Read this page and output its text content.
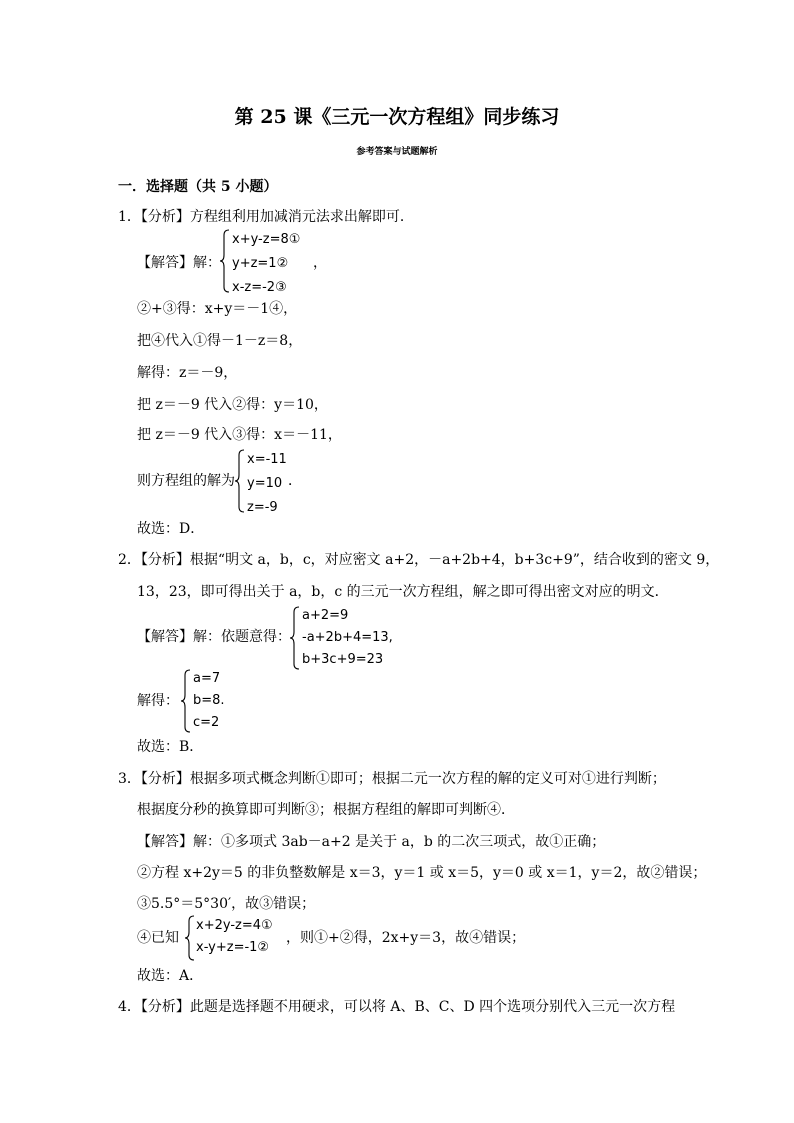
第 25 课《三元一次方程组》同步练习
参考答案与试题解析
一．选择题（共 5 小题）
1．【分析】方程组利用加减消元法求出解即可．
【解答】解：
x+y-z=8①
y+z=1②
x-z=-2③
，
②+③得：x+y＝－1④，
把④代入①得－1－z＝8，
解得：z＝－9，
把 z＝－9 代入②得：y＝10，
把 z＝－9 代入③得：x＝－11，
则方程组的解为
x=-11
y=10
z=-9
．
故选：D．
2．【分析】根据“明文 a，b，c，对应密文 a+2，－a+2b+4，b+3c+9”，结合收到的密文 9，
13，23，即可得出关于 a，b，c 的三元一次方程组，解之即可得出密文对应的明文．
【解答】解：依题意得：
a+2=9
-a+2b+4=13,
b+3c+9=23
解得：
a=7
b=8.
c=2
故选：B．
3．【分析】根据多项式概念判断①即可；根据二元一次方程的解的定义可对①进行判断；
根据度分秒的换算即可判断③；根据方程组的解即可判断④．
【解答】解：①多项式 3ab－a+2 是关于 a，b 的二次三项式，故①正确；
②方程 x+2y＝5 的非负整数解是 x＝3，y＝1 或 x＝5，y＝0 或 x＝1，y＝2，故②错误；
③5.5°＝5°30′，故③错误；
④已知
x+2y-z=4①
x-y+z=-1②
，则①+②得，2x+y＝3，故④错误；
故选：A．
4．【分析】此题是选择题不用硬求，可以将 A、B、C、D 四个选项分别代入三元一次方程
